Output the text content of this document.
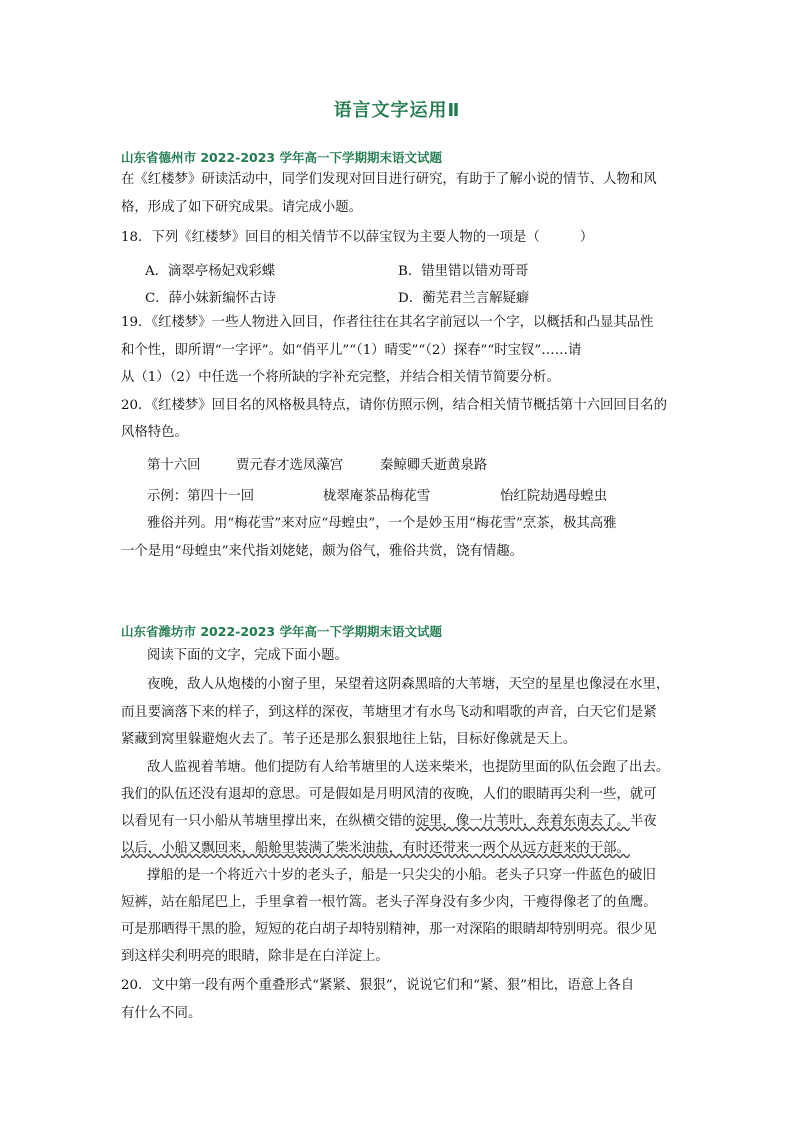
语言文字运用Ⅱ
山东省德州市 2022-2023 学年高一下学期期末语文试题
在《红楼梦》研读活动中，同学们发现对回目进行研究，有助于了解小说的情节、人物和风
格，形成了如下研究成果。请完成小题。
18．下列《红楼梦》回目的相关情节不以薛宝钗为主要人物的一项是（　　　）
A．滴翠亭杨妃戏彩蝶	B．错里错以错劝哥哥
C．薛小妹新编怀古诗	D．蘅芜君兰言解疑癖
19．《红楼梦》一些人物进入回目，作者往往在其名字前冠以一个字，以概括和凸显其品性
和个性，即所谓“一字评”。如“俏平儿”“（1）晴雯”“（2）探春”“时宝钗”……请
从（1）（2）中任选一个将所缺的字补充完整，并结合相关情节简要分析。
20．《红楼梦》回目名的风格极具特点，请你仿照示例，结合相关情节概括第十六回回目名的
风格特色。
第十六回	贾元春才选凤藻宫	秦鲸卿夭逝黄泉路
示例：第四十一回	栊翠庵茶品梅花雪	怡红院劫遇母蝗虫
雅俗并列。用“梅花雪”来对应“母蝗虫”，一个是妙玉用“梅花雪”烹茶，极其高雅
一个是用“母蝗虫”来代指刘姥姥，颇为俗气，雅俗共赏，饶有情趣。
山东省潍坊市 2022-2023 学年高一下学期期末语文试题
阅读下面的文字，完成下面小题。
夜晚，敌人从炮楼的小窗子里，呆望着这阴森黑暗的大苇塘，天空的星星也像浸在水里，
而且要滴落下来的样子，到这样的深夜，苇塘里才有水鸟飞动和唱歌的声音，白天它们是紧
紧藏到窝里躲避炮火去了。苇子还是那么狠狠地往上钻，目标好像就是天上。
敌人监视着苇塘。他们提防有人给苇塘里的人送来柴米，也提防里面的队伍会跑了出去。
我们的队伍还没有退却的意思。可是假如是月明风清的夜晚，人们的眼睛再尖利一些，就可
以看见有一只小船从苇塘里撑出来，在纵横交错的淀里，像一片苇叶，奔着东南去了。半夜
以后，小船又飘回来，船舱里装满了柴米油盐，有时还带来一两个从远方赶来的干部。
撑船的是一个将近六十岁的老头子，船是一只尖尖的小船。老头子只穿一件蓝色的破旧
短裤，站在船尾巴上，手里拿着一根竹篙。老头子浑身没有多少肉，干瘦得像老了的鱼鹰。
可是那晒得干黑的脸，短短的花白胡子却特别精神，那一对深陷的眼睛却特别明亮。很少见
到这样尖利明亮的眼睛，除非是在白洋淀上。
20．文中第一段有两个重叠形式“紧紧、狠狠”，说说它们和“紧、狠”相比，语意上各自
有什么不同。
